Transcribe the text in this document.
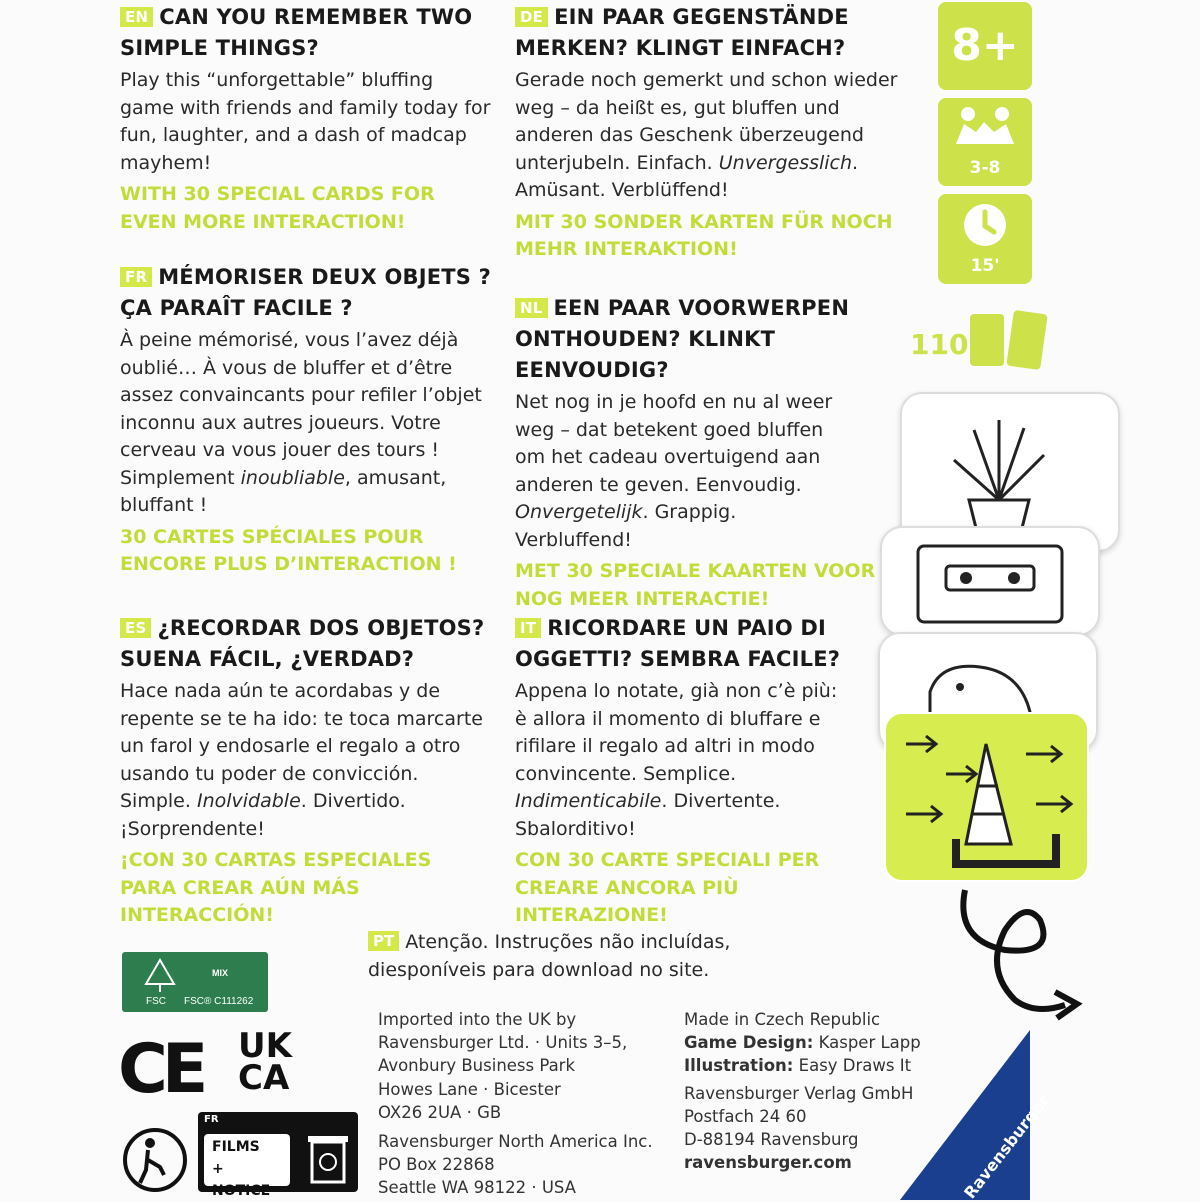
EN CAN YOU REMEMBER TWO SIMPLE THINGS?
Play this “unforgettable” bluffing game with friends and family today for fun, laughter, and a dash of madcap mayhem!
WITH 30 SPECIAL CARDS FOR EVEN MORE INTERACTION!
DE EIN PAAR GEGENSTÄNDE MERKEN? KLINGT EINFACH?
Gerade noch gemerkt und schon wieder weg – da heißt es, gut bluffen und anderen das Geschenk überzeugend unterjubeln. Einfach. Unvergesslich. Amüsant. Verblüffend!
MIT 30 SONDER KARTEN FÜR NOCH MEHR INTERAKTION!
FR MÉMORISER DEUX OBJETS ? ÇA PARAÎT FACILE ?
À peine mémorisé, vous l’avez déjà oublié… À vous de bluffer et d’être assez convaincants pour refiler l’objet inconnu aux autres joueurs. Votre cerveau va vous jouer des tours ! Simplement inoubliable, amusant, bluffant !
30 CARTES SPÉCIALES POUR ENCORE PLUS D’INTERACTION !
NL EEN PAAR VOORWERPEN ONTHOUDEN? KLINKT EENVOUDIG?
Net nog in je hoofd en nu al weer weg – dat betekent goed bluffen om het cadeau overtuigend aan anderen te geven. Eenvoudig. Onvergetelijk. Grappig. Verbluffend!
MET 30 SPECIALE KAARTEN VOOR NOG MEER INTERACTIE!
ES ¿RECORDAR DOS OBJETOS? SUENA FÁCIL, ¿VERDAD?
Hace nada aún te acordabas y de repente se te ha ido: te toca marcarte un farol y endosarle el regalo a otro usando tu poder de convicción. Simple. Inolvidable. Divertido. ¡Sorprendente!
¡CON 30 CARTAS ESPECIALES PARA CREAR AÚN MÁS INTERACCIÓN!
IT RICORDARE UN PAIO DI OGGETTI? SEMBRA FACILE?
Appena lo notate, già non c’è più: è allora il momento di bluffare e rifilare il regalo ad altri in modo convincente. Semplice. Indimenticabile. Divertente. Sbalorditivo!
CON 30 CARTE SPECIALI PER CREARE ANCORA PIÙ INTERAZIONE!
PT Atenção. Instruções não incluídas, diesponíveis para download no site.
8+
3-8
15'
110
MIX
FSC FSC® C111262
CE UK
CA
FR
FILMS
+ NOTICE
Imported into the UK by
Ravensburger Ltd. · Units 3–5,
Avonbury Business Park
Howes Lane · Bicester
OX26 2UA · GB
Ravensburger North America Inc.
PO Box 22868
Seattle WA 98122 · USA
Made in Czech Republic
Game Design: Kasper Lapp
Illustration: Easy Draws It
Ravensburger Verlag GmbH
Postfach 24 60
D-88194 Ravensburg
ravensburger.com	Ravensburger
